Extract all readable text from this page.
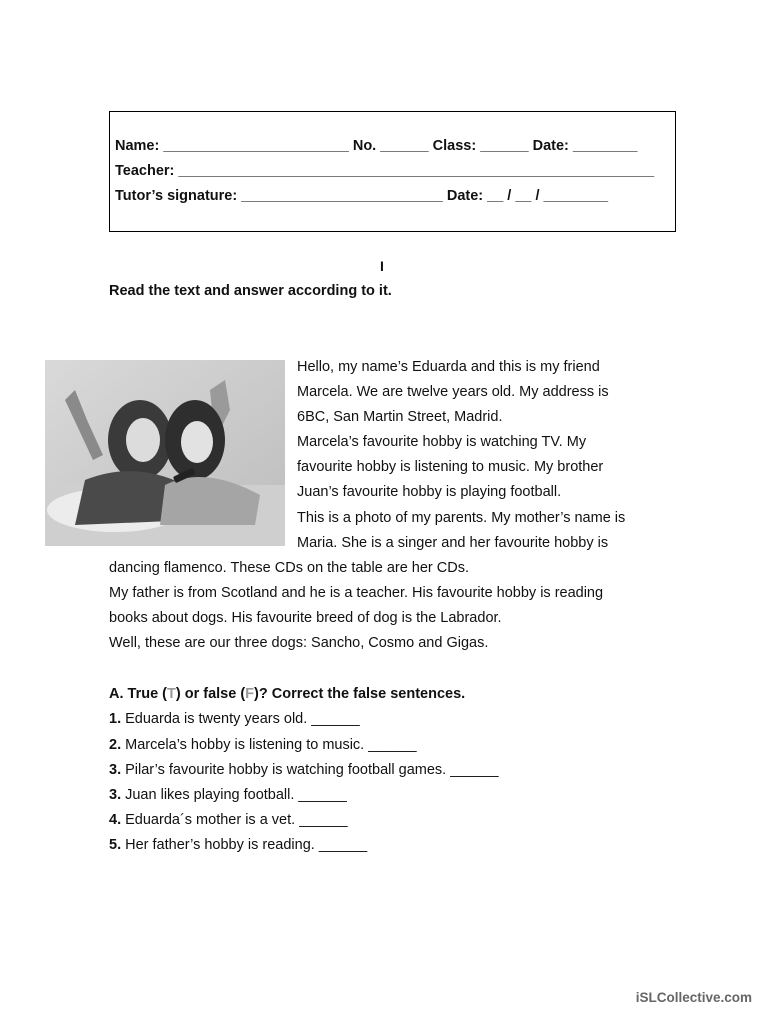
Name: _______________________ No. ______ Class: ______ Date: ________
Teacher: ___________________________________________________________
Tutor’s signature: _________________________ Date: __ / __ / ________
I
Read the text and answer according to it.
Hello, my name’s Eduarda and this is my friend
Marcela. We are twelve years old. My address is
6BC, San Martin Street, Madrid.
Marcela’s favourite hobby is watching TV. My
favourite hobby is listening to music. My brother
Juan’s favourite hobby is playing football.
This is a photo of my parents. My mother’s name is
Maria. She is a singer and her favourite hobby is
dancing flamenco. These CDs on the table are her CDs.
My father is from Scotland and he is a teacher. His favourite hobby is reading
books about dogs. His favourite breed of dog is the Labrador.
Well, these are our three dogs: Sancho, Cosmo and Gigas.
A. True (T) or false (F)? Correct the false sentences.
1. Eduarda is twenty years old. ______
2. Marcela’s hobby is listening to music. ______
3. Pilar’s favourite hobby is watching football games. ______
3. Juan likes playing football. ______
4. Eduarda´s mother is a vet. ______
5. Her father’s hobby is reading. ______
iSLCollective.com
